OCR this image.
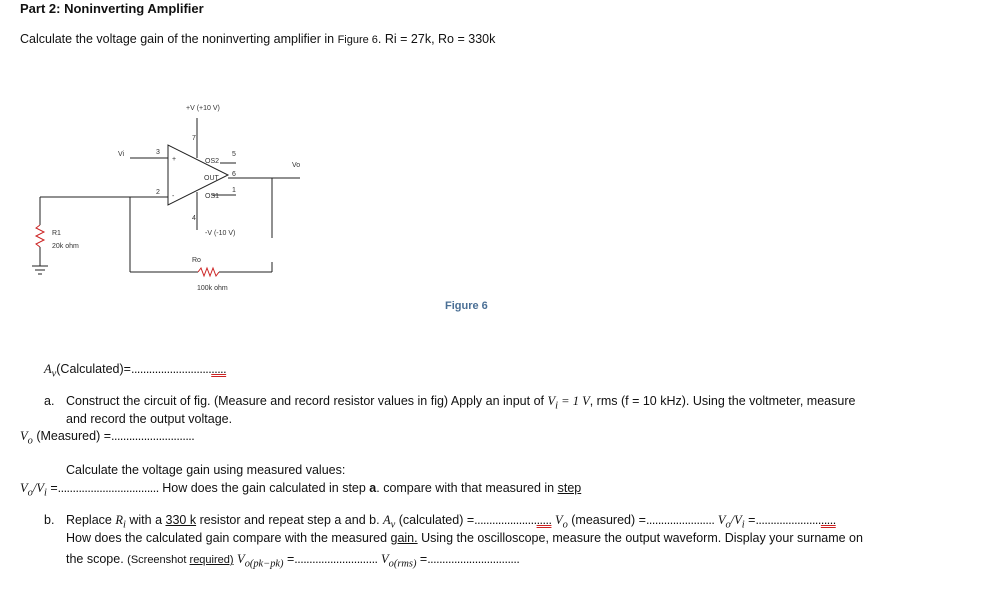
Part 2: Noninverting Amplifier
Calculate the voltage gain of the noninverting amplifier in Figure 6. Ri = 27k, Ro = 330k
+V (+10 V)
-V (-10 V)
Vi
Vo
R1
20k ohm
Ro
100k ohm
3
2
7
4
5
6
1
OS2
OUT
OS1
+
-
Figure 6
$A_v(Calculated)=$................................
a. Construct the circuit of fig. (Measure and record resistor values in fig) Apply an input of $V_i = 1$ V, rms (f = 10 kHz). Using the voltmeter, measure
and record the output voltage.
$V_o$ (Measured) =............................
Calculate the voltage gain using measured values:
$V_o/V_i$ =.................................. How does the gain calculated in step a. compare with that measured in step
b. Replace $R_i$ with a 330 k resistor and repeat step a and b. $A_v$ (calculated) =.......................... $V_o$ (measured) =....................... $V_o/V_i$ =...........................
How does the calculated gain compare with the measured gain. Using the oscilloscope, measure the output waveform. Display your surname on
the scope. (Screenshot required) $V_{o(pk-pk)}$ =............................ $V_{o(rms)}$ =...............................
